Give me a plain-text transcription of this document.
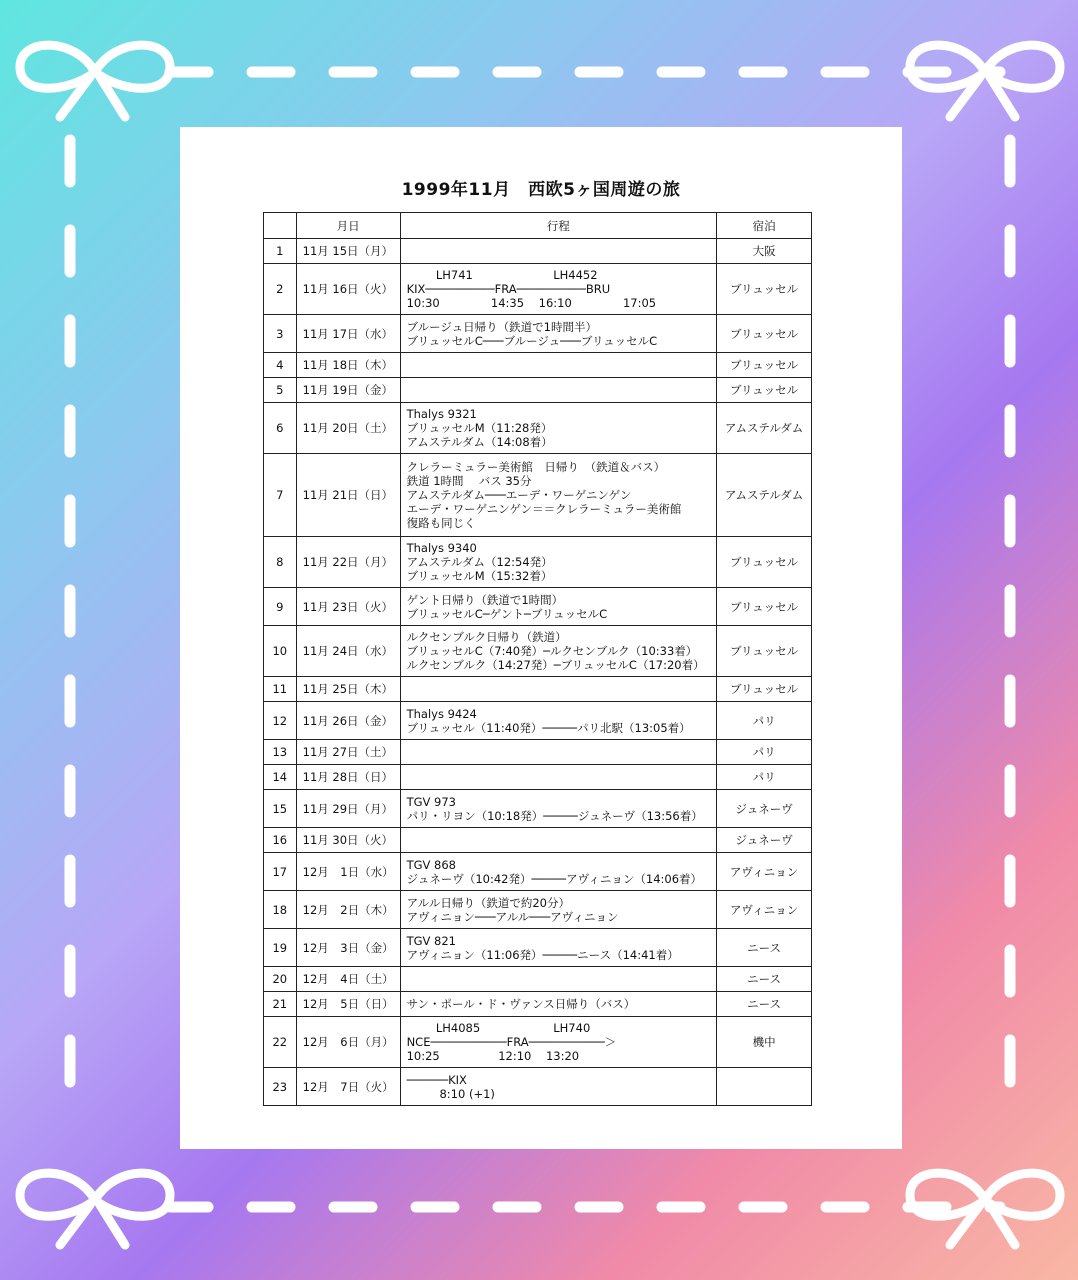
1999年11月　西欧5ヶ国周遊の旅
	月日	行程	宿泊
1	11月 15日（月）		大阪
2	11月 16日（火）	LH741                      LH4452
KIX──────────FRA──────────BRU
10:30              14:35    16:10              17:05	ブリュッセル
3	11月 17日（水）	ブルージュ日帰り（鉄道で1時間半）
ブリュッセルC───ブルージュ───ブリュッセルC	ブリュッセル
4	11月 18日（木）		ブリュッセル
5	11月 19日（金）		ブリュッセル
6	11月 20日（土）	Thalys 9321
ブリュッセルM（11:28発）
アムステルダム（14:08着）	アムステルダム
7	11月 21日（日）	クレラーミュラー美術館　日帰り　（鉄道＆バス）
鉄道 1時間　 バス 35分
アムステルダム───エーデ・ワーゲニンゲン
エーデ・ワーゲニンゲン＝＝クレラーミュラー美術館
復路も同じく	アムステルダム
8	11月 22日（月）	Thalys 9340
アムステルダム（12:54発）
ブリュッセルM（15:32着）	ブリュッセル
9	11月 23日（火）	ゲント日帰り（鉄道で1時間）
ブリュッセルC─ゲント─ブリュッセルC	ブリュッセル
10	11月 24日（水）	ルクセンブルク日帰り（鉄道）
ブリュッセルC（7:40発）─ルクセンブルク（10:33着）
ルクセンブルク（14:27発）─ブリュッセルC（17:20着）	ブリュッセル
11	11月 25日（木）		ブリュッセル
12	11月 26日（金）	Thalys 9424
ブリュッセル（11:40発）─────パリ北駅（13:05着）	パリ
13	11月 27日（土）		パリ
14	11月 28日（日）		パリ
15	11月 29日（月）	TGV 973
パリ・リヨン（10:18発）─────ジュネーヴ（13:56着）	ジュネーヴ
16	11月 30日（火）		ジュネーヴ
17	12月　1日（水）	TGV 868
ジュネーヴ（10:42発）─────アヴィニョン（14:06着）	アヴィニョン
18	12月　2日（木）	アルル日帰り（鉄道で約20分）
アヴィニョン───アルル───アヴィニョン	アヴィニョン
19	12月　3日（金）	TGV 821
アヴィニョン（11:06発）─────ニース（14:41着）	ニース
20	12月　4日（土）		ニース
21	12月　5日（日）	サン・ポール・ド・ヴァンス日帰り（バス）	ニース
22	12月　6日（月）	LH4085                    LH740
NCE───────────FRA───────────＞
10:25                12:10    13:20	機中
23	12月　7日（火）	──────KIX
8:10 (+1)	
